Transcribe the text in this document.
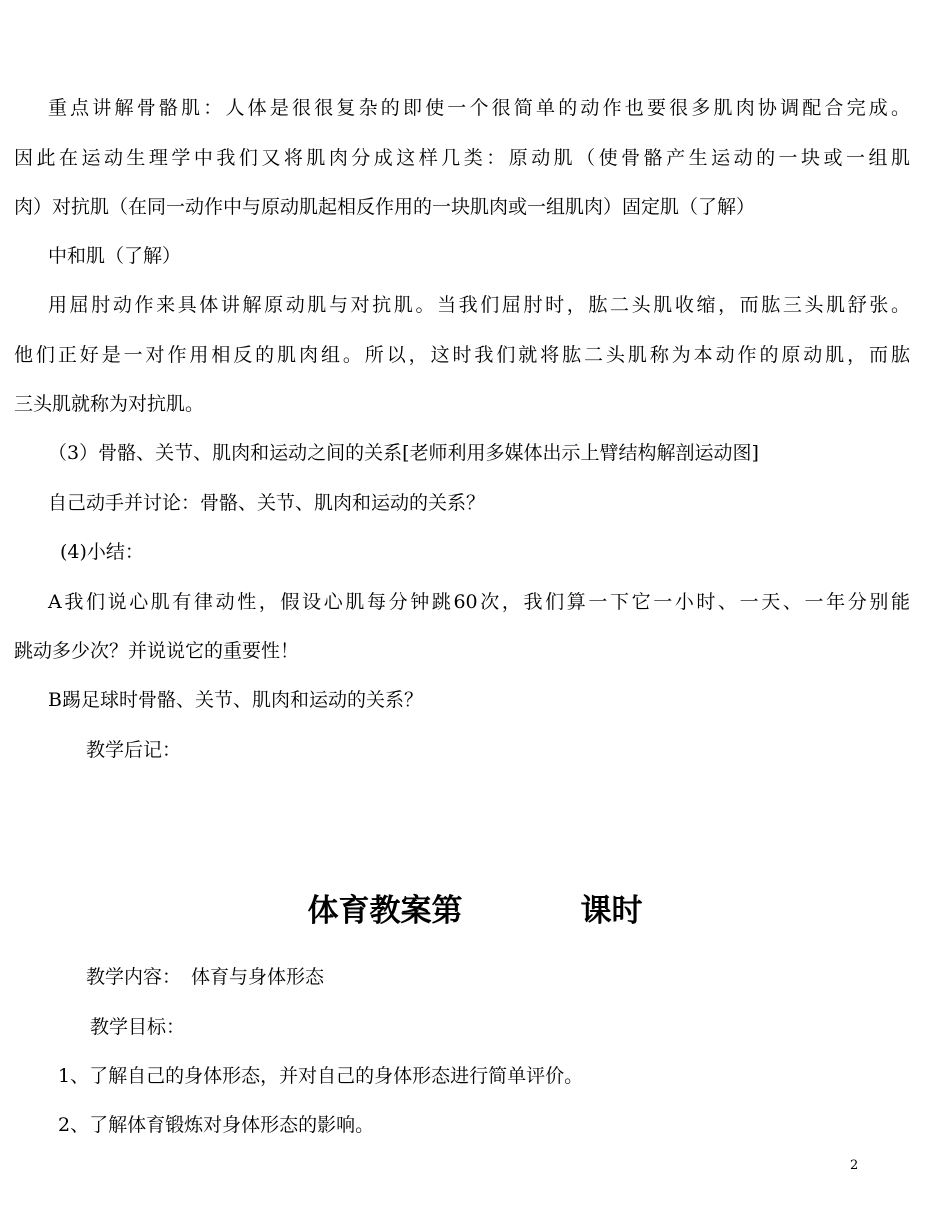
重点讲解骨骼肌：人体是很很复杂的即使一个很简单的动作也要很多肌肉协调配合完成。
因此在运动生理学中我们又将肌肉分成这样几类：原动肌（使骨骼产生运动的一块或一组肌
肉）对抗肌（在同一动作中与原动肌起相反作用的一块肌肉或一组肌肉）固定肌（了解）
中和肌（了解）
用屈肘动作来具体讲解原动肌与对抗肌。当我们屈肘时，肱二头肌收缩，而肱三头肌舒张。
他们正好是一对作用相反的肌肉组。所以，这时我们就将肱二头肌称为本动作的原动肌，而肱
三头肌就称为对抗肌。
（3）骨骼、关节、肌肉和运动之间的关系[老师利用多媒体出示上臂结构解剖运动图]
自己动手并讨论：骨骼、关节、肌肉和运动的关系？
(4)小结：
A我们说心肌有律动性，假设心肌每分钟跳60次，我们算一下它一小时、一天、一年分别能
跳动多少次？并说说它的重要性！
B踢足球时骨骼、关节、肌肉和运动的关系？
教学后记：
体育教案第	课时
教学内容： 体育与身体形态
教学目标：
1、了解自己的身体形态，并对自己的身体形态进行简单评价。
2、了解体育锻炼对身体形态的影响。
2
